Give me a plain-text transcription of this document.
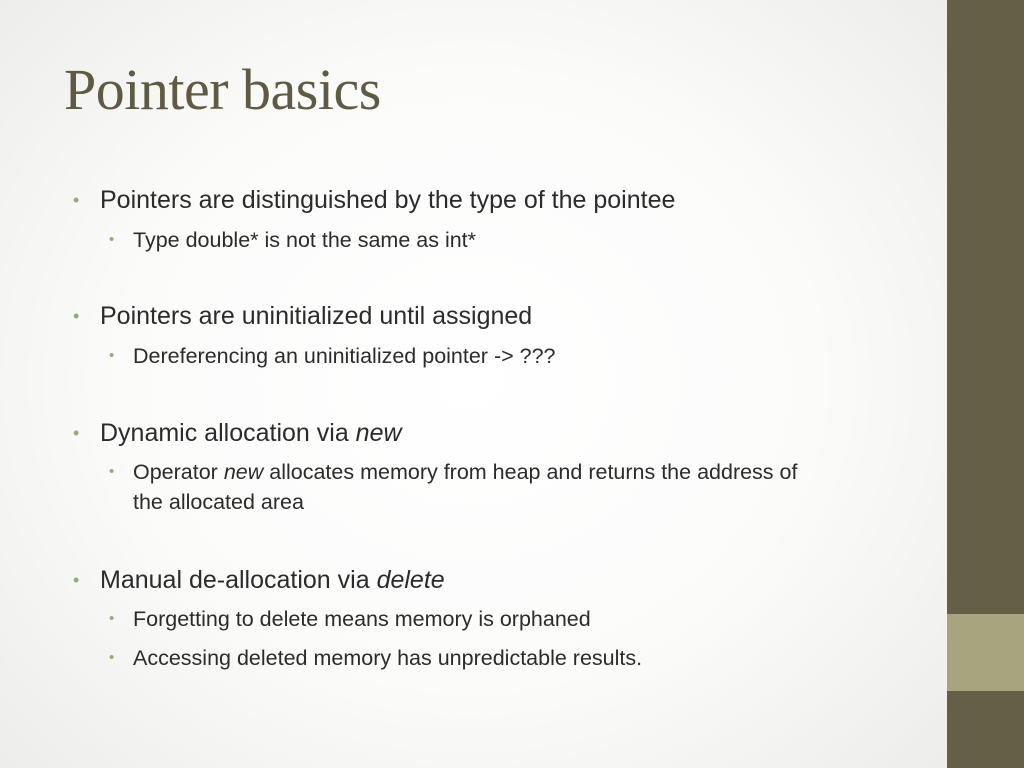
Pointer basics
• Pointers are distinguished by the type of the pointee
• Type double* is not the same as int*
• Pointers are uninitialized until assigned
• Dereferencing an uninitialized pointer -> ???
• Dynamic allocation via new
• Operator new allocates memory from heap and returns the address of the allocated area
• Manual de-allocation via delete
• Forgetting to delete means memory is orphaned
• Accessing deleted memory has unpredictable results.
